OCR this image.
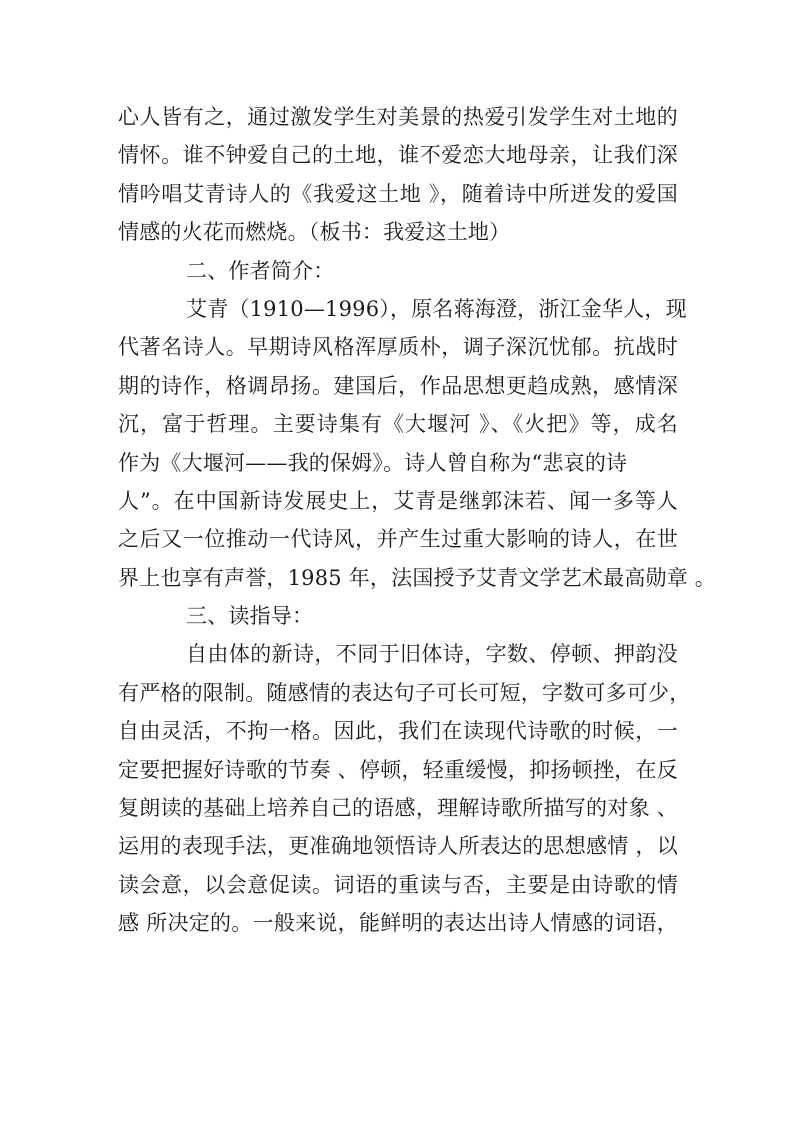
心人皆有之，通过激发学生对美景的热爱引发学生对土地的
情怀。谁不钟爱自己的土地，谁不爱恋大地母亲，让我们深
情吟唱艾青诗人的《我爱这土地 》，随着诗中所迸发的爱国
情感的火花而燃烧。（板书：我爱这土地）
二、作者简介：
艾青（1910—1996），原名蒋海澄，浙江金华人，现
代著名诗人。早期诗风格浑厚质朴，调子深沉忧郁。抗战时
期的诗作，格调昂扬。建国后，作品思想更趋成熟，感情深
沉，富于哲理。主要诗集有《大堰河 》、《火把》等，成名
作为《大堰河——我的保姆》。诗人曾自称为“悲哀的诗
人”。在中国新诗发展史上，艾青是继郭沫若、闻一多等人
之后又一位推动一代诗风，并产生过重大影响的诗人，在世
界上也享有声誉，1985 年，法国授予艾青文学艺术最高勋章 。
三、读指导：
自由体的新诗，不同于旧体诗，字数、停顿、押韵没
有严格的限制。随感情的表达句子可长可短，字数可多可少，
自由灵活，不拘一格。因此，我们在读现代诗歌的时候，一
定要把握好诗歌的节奏 、停顿，轻重缓慢，抑扬顿挫，在反
复朗读的基础上培养自己的语感，理解诗歌所描写的对象 、
运用的表现手法，更准确地领悟诗人所表达的思想感情 ，以
读会意，以会意促读。词语的重读与否，主要是由诗歌的情
感 所决定的。一般来说，能鲜明的表达出诗人情感的词语，
